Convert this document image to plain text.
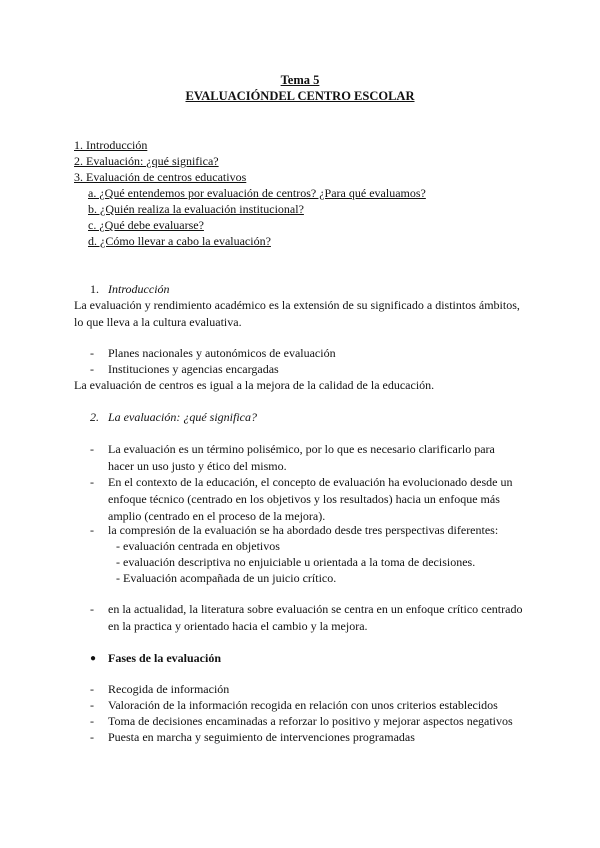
Tema 5
EVALUACIÓNDEL CENTRO ESCOLAR
1. Introducción
2. Evaluación: ¿qué significa?
3. Evaluación de centros educativos
a. ¿Qué entendemos por evaluación de centros? ¿Para qué evaluamos?
b. ¿Quién realiza la evaluación institucional?
c. ¿Qué debe evaluarse?
d. ¿Cómo llevar a cabo la evaluación?
1. Introducción
La evaluación y rendimiento académico es la extensión de su significado a distintos ámbitos,
lo que lleva a la cultura evaluativa.
- Planes nacionales y autonómicos de evaluación
- Instituciones y agencias encargadas
La evaluación de centros es igual a la mejora de la calidad de la educación.
2. La evaluación: ¿qué significa?
- La evaluación es un término polisémico, por lo que es necesario clarificarlo para
hacer un uso justo y ético del mismo.
- En el contexto de la educación, el concepto de evaluación ha evolucionado desde un
enfoque técnico (centrado en los objetivos y los resultados) hacia un enfoque más
amplio (centrado en el proceso de la mejora).
- la compresión de la evaluación se ha abordado desde tres perspectivas diferentes:
- evaluación centrada en objetivos
- evaluación descriptiva no enjuiciable u orientada a la toma de decisiones.
- Evaluación acompañada de un juicio crítico.
- en la actualidad, la literatura sobre evaluación se centra en un enfoque crítico centrado
en la practica y orientado hacia el cambio y la mejora.
● Fases de la evaluación
- Recogida de información
- Valoración de la información recogida en relación con unos criterios establecidos
- Toma de decisiones encaminadas a reforzar lo positivo y mejorar aspectos negativos
- Puesta en marcha y seguimiento de intervenciones programadas
